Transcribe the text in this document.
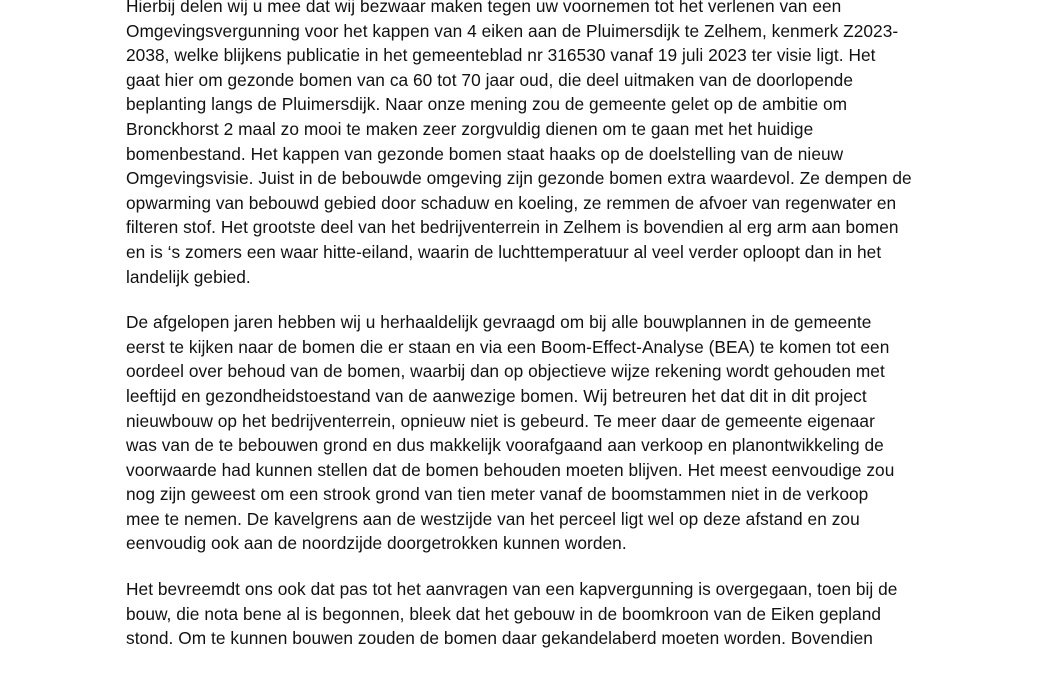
Hierbij delen wij u mee dat wij bezwaar maken tegen uw voornemen tot het verlenen van een
Omgevingsvergunning voor het kappen van 4 eiken aan de Pluimersdijk te Zelhem, kenmerk Z2023-
2038, welke blijkens publicatie in het gemeenteblad nr 316530 vanaf 19 juli 2023 ter visie ligt. Het
gaat hier om gezonde bomen van ca 60 tot 70 jaar oud, die deel uitmaken van de doorlopende
beplanting langs de Pluimersdijk. Naar onze mening zou de gemeente gelet op de ambitie om
Bronckhorst 2 maal zo mooi te maken zeer zorgvuldig dienen om te gaan met het huidige
bomenbestand. Het kappen van gezonde bomen staat haaks op de doelstelling van de nieuw
Omgevingsvisie. Juist in de bebouwde omgeving zijn gezonde bomen extra waardevol. Ze dempen de
opwarming van bebouwd gebied door schaduw en koeling, ze remmen de afvoer van regenwater en
filteren stof. Het grootste deel van het bedrijventerrein in Zelhem is bovendien al erg arm aan bomen
en is ‘s zomers een waar hitte-eiland, waarin de luchttemperatuur al veel verder oploopt dan in het
landelijk gebied.

De afgelopen jaren hebben wij u herhaaldelijk gevraagd om bij alle bouwplannen in de gemeente
eerst te kijken naar de bomen die er staan en via een Boom-Effect-Analyse (BEA) te komen tot een
oordeel over behoud van de bomen, waarbij dan op objectieve wijze rekening wordt gehouden met
leeftijd en gezondheidstoestand van de aanwezige bomen. Wij betreuren het dat dit in dit project
nieuwbouw op het bedrijventerrein, opnieuw niet is gebeurd. Te meer daar de gemeente eigenaar
was van de te bebouwen grond en dus makkelijk voorafgaand aan verkoop en planontwikkeling de
voorwaarde had kunnen stellen dat de bomen behouden moeten blijven. Het meest eenvoudige zou
nog zijn geweest om een strook grond van tien meter vanaf de boomstammen niet in de verkoop
mee te nemen. De kavelgrens aan de westzijde van het perceel ligt wel op deze afstand en zou
eenvoudig ook aan de noordzijde doorgetrokken kunnen worden.

Het bevreemdt ons ook dat pas tot het aanvragen van een kapvergunning is overgegaan, toen bij de
bouw, die nota bene al is begonnen, bleek dat het gebouw in de boomkroon van de Eiken gepland
stond. Om te kunnen bouwen zouden de bomen daar gekandelaberd moeten worden. Bovendien
